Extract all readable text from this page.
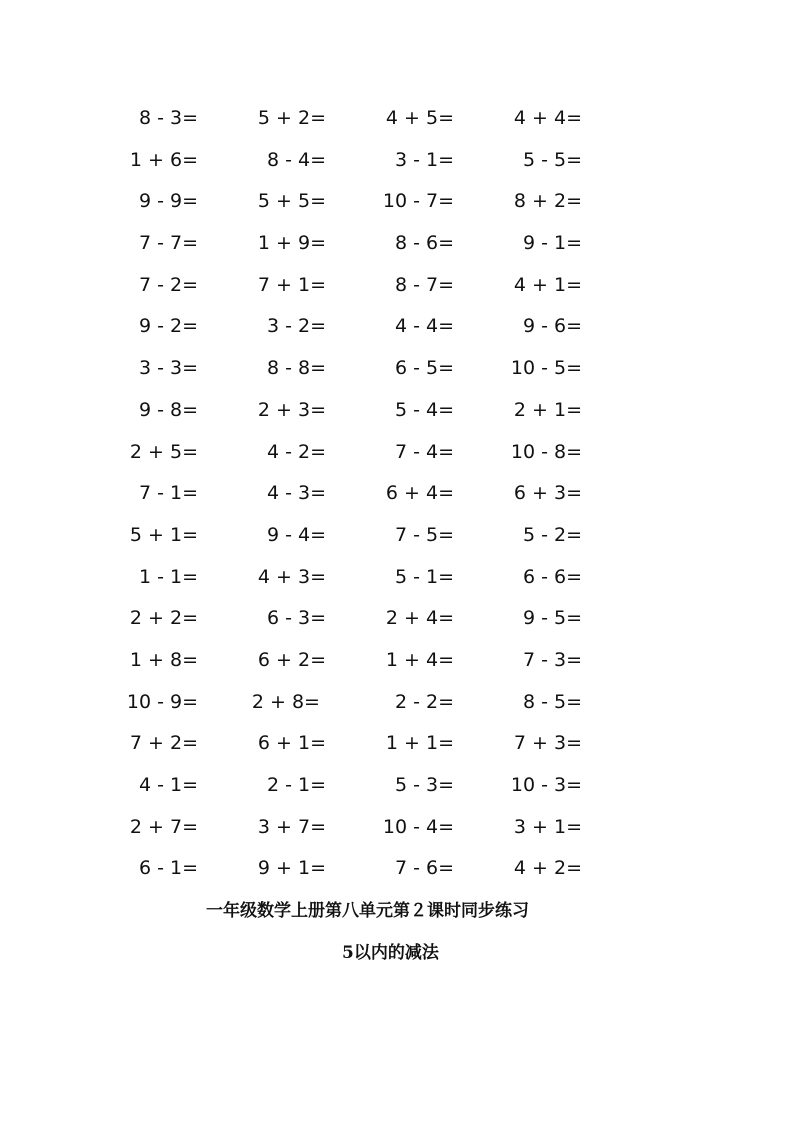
8 - 3=	5 + 2=	4 + 5=	4 + 4=
1 + 6=	8 - 4=	3 - 1=	5 - 5=
9 - 9=	5 + 5=	10 - 7=	8 + 2=
7 - 7=	1 + 9=	8 - 6=	9 - 1=
7 - 2=	7 + 1=	8 - 7=	4 + 1=
9 - 2=	3 - 2=	4 - 4=	9 - 6=
3 - 3=	8 - 8=	6 - 5=	10 - 5=
9 - 8=	2 + 3=	5 - 4=	2 + 1=
2 + 5=	4 - 2=	7 - 4=	10 - 8=
7 - 1=	4 - 3=	6 + 4=	6 + 3=
5 + 1=	9 - 4=	7 - 5=	5 - 2=
1 - 1=	4 + 3=	5 - 1=	6 - 6=
2 + 2=	6 - 3=	2 + 4=	9 - 5=
1 + 8=	6 + 2=	1 + 4=	7 - 3=
10 - 9=	2 + 8=	2 - 2=	8 - 5=
7 + 2=	6 + 1=	1 + 1=	7 + 3=
4 - 1=	2 - 1=	5 - 3=	10 - 3=
2 + 7=	3 + 7=	10 - 4=	3 + 1=
6 - 1=	9 + 1=	7 - 6=	4 + 2=
一年级数学上册第八单元第２课时同步练习
5以内的减法
